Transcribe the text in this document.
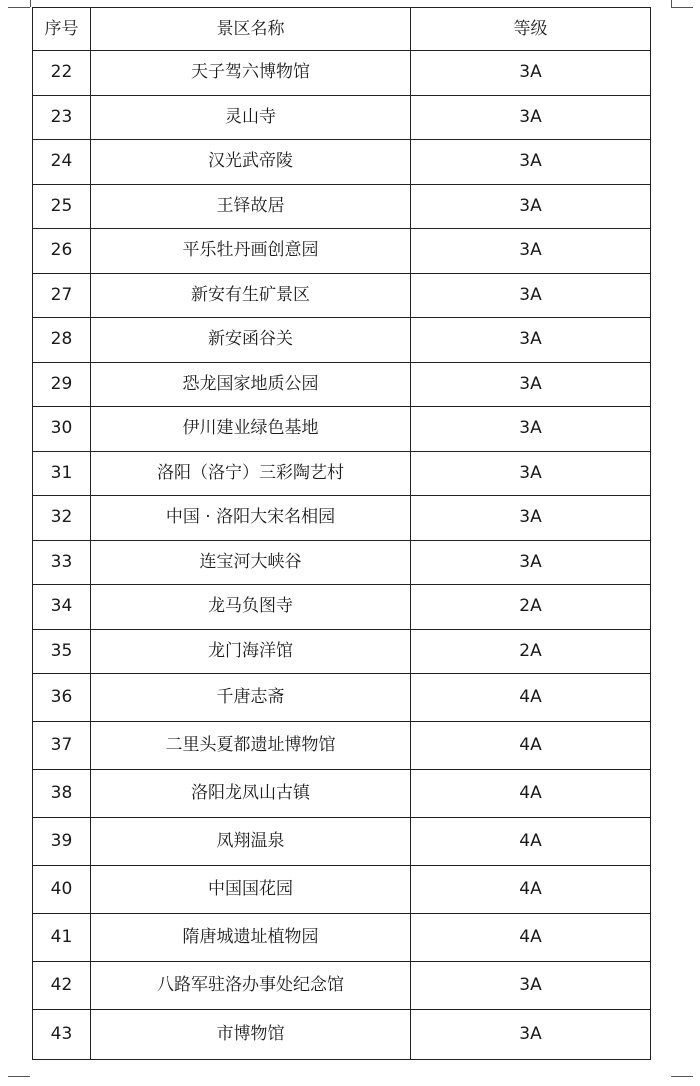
序号	景区名称	等级
22	天子驾六博物馆	3A
23	灵山寺	3A
24	汉光武帝陵	3A
25	王铎故居	3A
26	平乐牡丹画创意园	3A
27	新安有生矿景区	3A
28	新安函谷关	3A
29	恐龙国家地质公园	3A
30	伊川建业绿色基地	3A
31	洛阳（洛宁）三彩陶艺村	3A
32	中国 · 洛阳大宋名相园	3A
33	连宝河大峡谷	3A
34	龙马负图寺	2A
35	龙门海洋馆	2A
36	千唐志斋	4A
37	二里头夏都遗址博物馆	4A
38	洛阳龙凤山古镇	4A
39	凤翔温泉	4A
40	中国国花园	4A
41	隋唐城遗址植物园	4A
42	八路军驻洛办事处纪念馆	3A
43	市博物馆	3A
